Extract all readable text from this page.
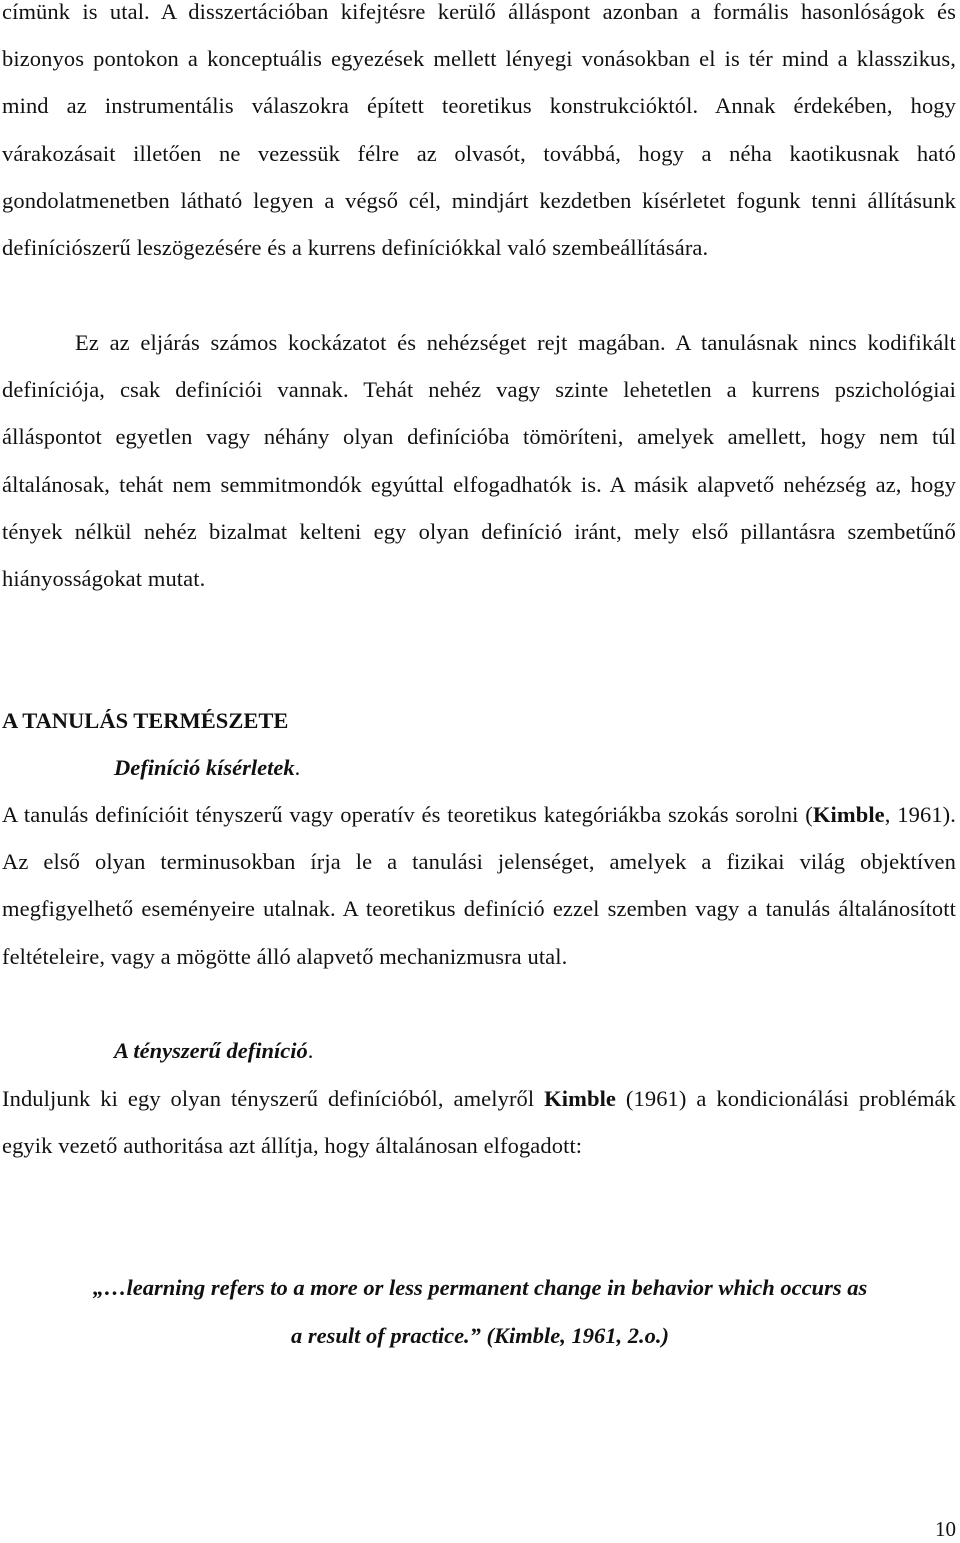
címünk is utal. A disszertációban kifejtésre kerülő álláspont azonban a formális hasonlóságok és bizonyos pontokon a konceptuális egyezések mellett lényegi vonásokban el is tér mind a klasszikus, mind az instrumentális válaszokra épített teoretikus konstrukcióktól. Annak érdekében, hogy várakozásait illetően ne vezessük félre az olvasót, továbbá, hogy a néha kaotikusnak ható gondolatmenetben látható legyen a végső cél, mindjárt kezdetben kísérletet fogunk tenni állításunk definíciószerű leszögezésére és a kurrens definíciókkal való szembeállítására.

Ez az eljárás számos kockázatot és nehézséget rejt magában. A tanulásnak nincs kodifikált definíciója, csak definíciói vannak. Tehát nehéz vagy szinte lehetetlen a kurrens pszichológiai álláspontot egyetlen vagy néhány olyan definícióba tömöríteni, amelyek amellett, hogy nem túl általánosak, tehát nem semmitmondók egyúttal elfogadhatók is. A másik alapvető nehézség az, hogy tények nélkül nehéz bizalmat kelteni egy olyan definíció iránt, mely első pillantásra szembetűnő hiányosságokat mutat.

A TANULÁS TERMÉSZETE

Definíció kísérletek.

A tanulás definícióit tényszerű vagy operatív és teoretikus kategóriákba szokás sorolni (Kimble, 1961). Az első olyan terminusokban írja le a tanulási jelenséget, amelyek a fizikai világ objektíven megfigyelhető eseményeire utalnak. A teoretikus definíció ezzel szemben vagy a tanulás általánosított feltételeire, vagy a mögötte álló alapvető mechanizmusra utal.

A tényszerű definíció.

Induljunk ki egy olyan tényszerű definícióból, amelyről Kimble (1961) a kondicionálási problémák egyik vezető authoritása azt állítja, hogy általánosan elfogadott:

„…learning refers to a more or less permanent change in behavior which occurs as
a result of practice.” (Kimble, 1961, 2.o.)
10
